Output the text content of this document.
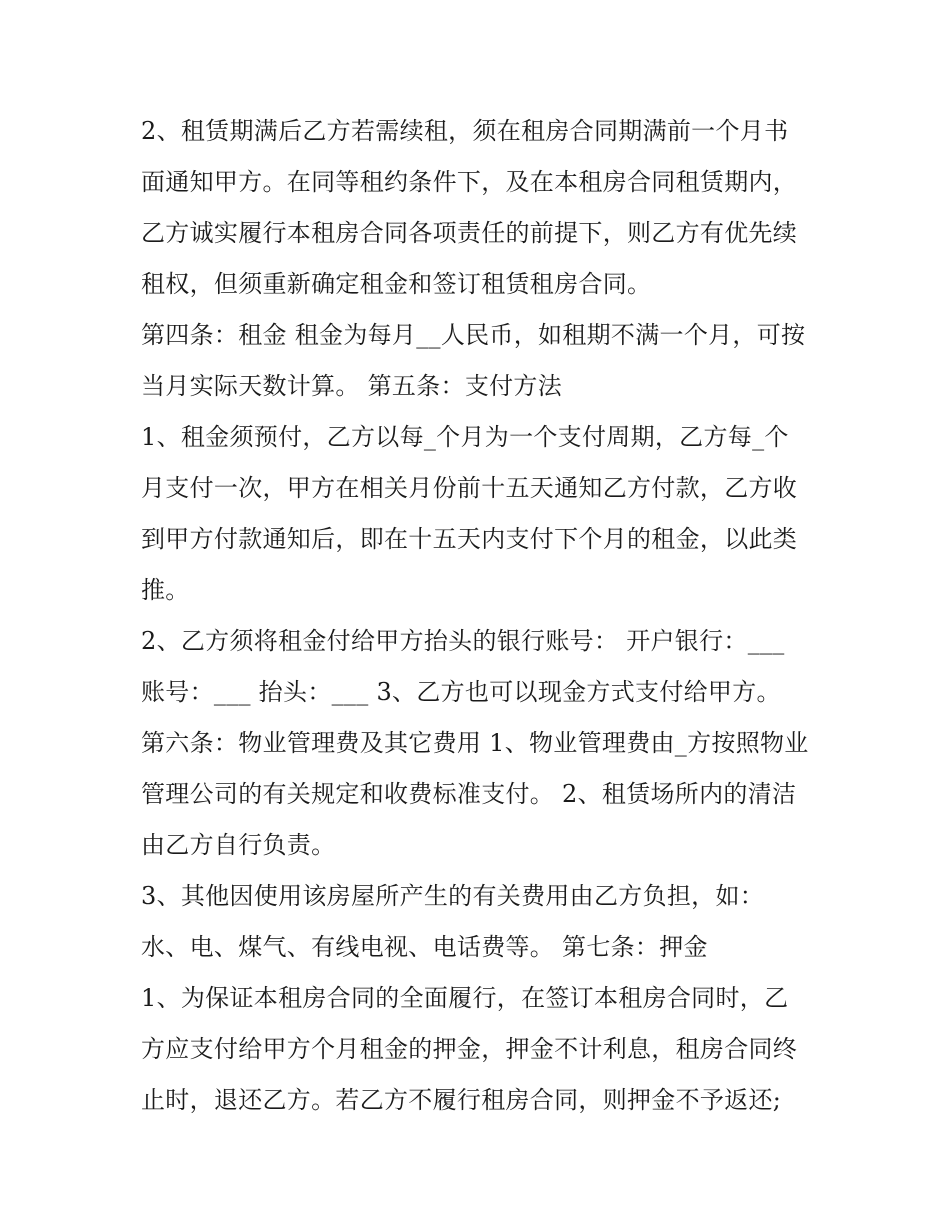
2、租赁期满后乙方若需续租，须在租房合同期满前一个月书
面通知甲方。在同等租约条件下，及在本租房合同租赁期内，
乙方诚实履行本租房合同各项责任的前提下，则乙方有优先续
租权，但须重新确定租金和签订租赁租房合同。
第四条：租金 租金为每月__人民币，如租期不满一个月，可按
当月实际天数计算。 第五条：支付方法
1、租金须预付，乙方以每_个月为一个支付周期，乙方每_个
月支付一次，甲方在相关月份前十五天通知乙方付款，乙方收
到甲方付款通知后，即在十五天内支付下个月的租金，以此类
推。
2、乙方须将租金付给甲方抬头的银行账号： 开户银行：___
账号：___ 抬头：___ 3、乙方也可以现金方式支付给甲方。
第六条：物业管理费及其它费用 1、物业管理费由_方按照物业
管理公司的有关规定和收费标准支付。 2、租赁场所内的清洁
由乙方自行负责。
3、其他因使用该房屋所产生的有关费用由乙方负担，如：
水、电、煤气、有线电视、电话费等。 第七条：押金
1、为保证本租房合同的全面履行，在签订本租房合同时，乙
方应支付给甲方个月租金的押金，押金不计利息，租房合同终
止时，退还乙方。若乙方不履行租房合同，则押金不予返还;
